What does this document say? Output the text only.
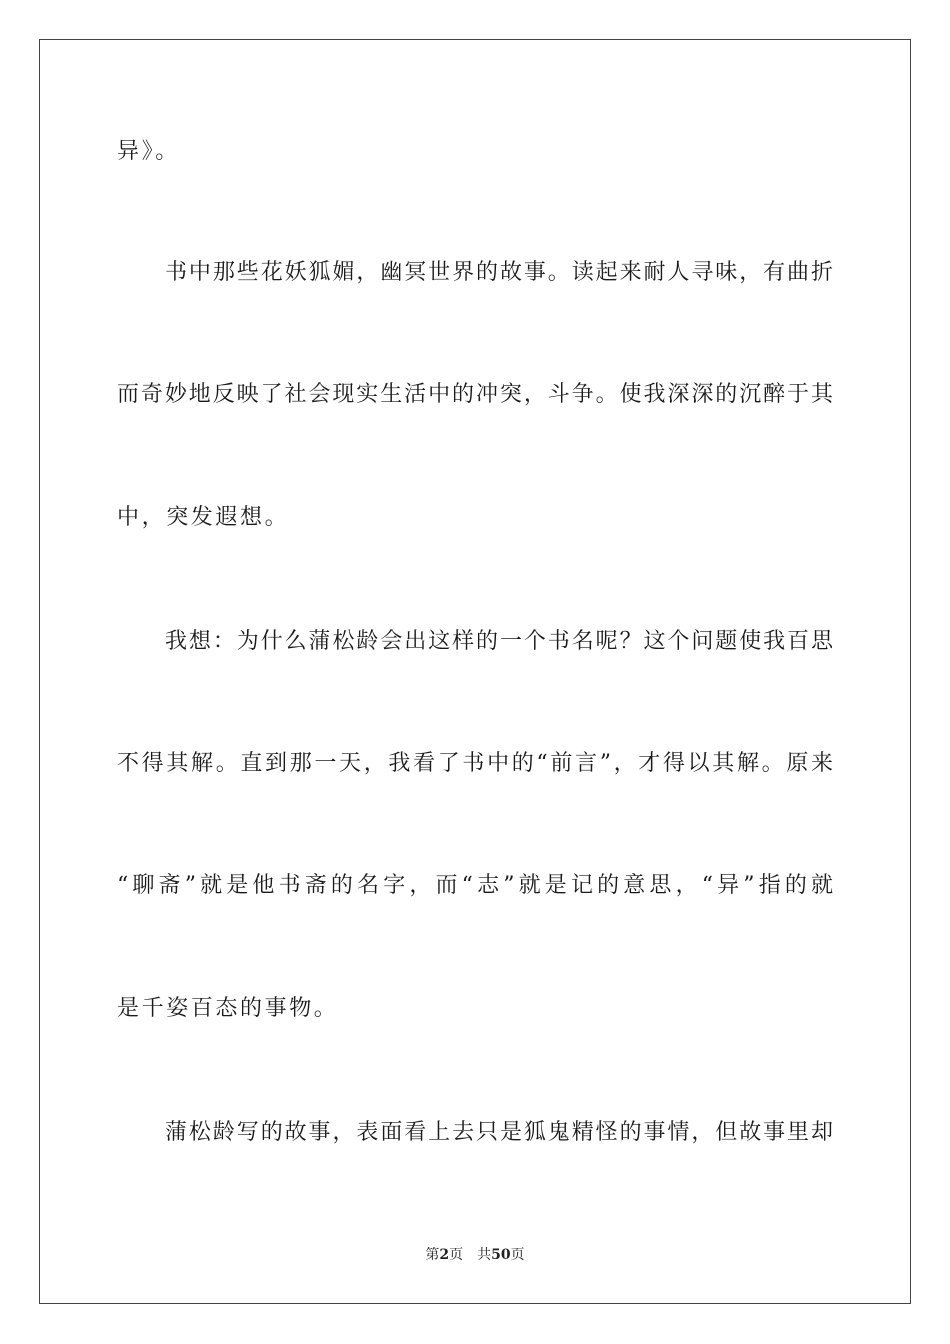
异》。
书中那些花妖狐媚，幽冥世界的故事。读起来耐人寻味，有曲折
而奇妙地反映了社会现实生活中的冲突，斗争。使我深深的沉醉于其
中，突发遐想。
我想：为什么蒲松龄会出这样的一个书名呢？这个问题使我百思
不得其解。直到那一天，我看了书中的“前言”，才得以其解。原来
“聊斋”就是他书斋的名字，而“志”就是记的意思，“异”指的就
是千姿百态的事物。
蒲松龄写的故事，表面看上去只是狐鬼精怪的事情，但故事里却
第2页 共50页
